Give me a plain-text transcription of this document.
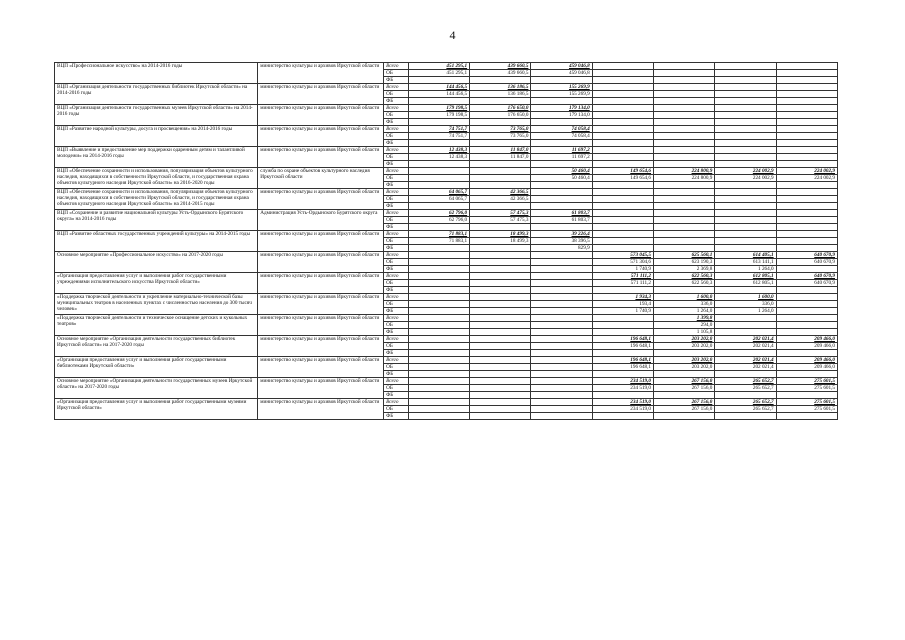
4
ВЦП «Профессиональное искусство» на 2014-2016 годы	министерство культуры и архивов Иркутской области	Всего	451 295,1	439 660,5	459 046,8				
		ОБ	451 295,1	439 660,5	459 046,8				
		ФБ							
ВЦП «Организация деятельности государственных библиотек Иркутской области» на 2014-2016 годы	министерство культуры и архивов Иркутской области	Всего	144 456,5	136 186,5	155 269,9				
		ОБ	144 456,5	136 186,5	155 269,9				
		ФБ							
ВЦП «Организация деятельности государственных музеев Иркутской области» на 2014-2016 годы	министерство культуры и архивов Иркутской области	Всего	179 198,5	176 650,0	179 134,0				
		ОБ	179 198,5	176 650,0	179 134,0				
		ФБ							
ВЦП «Развитие народной культуры, досуга и просвещения» на 2014-2016 годы	министерство культуры и архивов Иркутской области	Всего	74 751,7	73 765,0	74 058,4				
		ОБ	74 751,7	73 765,0	74 058,4				
		ФБ							
ВЦП «Выявление и предоставление мер поддержки одаренным детям и талантливой молодежи» на 2014-2016 годы	министерство культуры и архивов Иркутской области	Всего	12 438,3	11 847,0	11 697,2				
		ОБ	12 438,3	11 847,0	11 697,2				
		ФБ							
ВЦП «Обеспечение сохранности и использования, популяризация объектов культурного наследия, находящихся в собственности Иркутской области, и государственная охрана объектов культурного наследия Иркутской области» на 2016-2020 годы	служба по охране объектов культурного наследия Иркутской области	Всего			50 460,4	149 654,6	224 800,9	224 002,9	224 002,9
		ОБ			50 460,4	149 654,6	224 800,9	224 002,9	224 002,9
		ФБ							
ВЦП «Обеспечение сохранности и использования, популяризация объектов культурного наследия, находящихся в собственности Иркутской области, и государственная охрана объектов культурного наследия Иркутской области» на 2014-2015 годы	министерство культуры и архивов Иркутской области	Всего	64 065,7	42 366,5					
		ОБ	64 065,7	42 366,5					
		ФБ							
ВЦП «Сохранение и развитие национальной культуры Усть-Ордынского Бурятского округа» на 2014-2016 годы	Администрация Усть-Ордынского Бурятского округа	Всего	62 796,0	57 475,3	61 803,7				
		ОБ	62 796,0	57 475,3	61 803,7				
		ФБ							
ВЦП «Развитие областных государственных учреждений культуры» на 2014-2015 годы	министерство культуры и архивов Иркутской области	Всего	71 883,1	18 499,3	39 226,4				
		ОБ	71 883,1	18 499,3	38 396,5				
		ФБ			829,9				
Основное мероприятие «Профессиональное искусство» на 2017-2020 годы	министерство культуры и архивов Иркутской области	Всего				573 045,5	625 560,1	614 405,1	640 670,9
		ОБ				571 304,6	623 190,3	613 141,1	640 670,9
		ФБ				1 740,9	2 369,8	1 264,0	
«Организация предоставления услуг и выполнения работ государственными учреждениями исполнительского искусства Иркутской области»	министерство культуры и архивов Иркутской области	Всего				571 111,2	622 560,3	612 805,1	640 670,9
		ОБ				571 111,2	622 560,3	612 805,1	640 670,9
		ФБ							
«Поддержка творческой деятельности и укрепление материально-технической базы муниципальных театров в населенных пунктах с численностью населения до 300 тысяч человек»	министерство культуры и архивов Иркутской области	Всего				1 934,3	1 600,0	1 600,0	
		ОБ				193,4	336,0	336,0	
		ФБ				1 740,9	1 264,0	1 264,0	
«Поддержка творческой деятельности и техническое оснащение детских и кукольных театров»	министерство культуры и архивов Иркутской области	Всего					1 399,8		
		ОБ					294,0		
		ФБ					1 105,8		
Основное мероприятие «Организация деятельности государственных библиотек Иркутской области» на 2017-2020 годы	министерство культуры и архивов Иркутской области	Всего				196 648,1	203 202,0	202 021,4	209 466,0
		ОБ				196 648,1	203 202,0	202 021,4	209 466,0
		ФБ							
«Организация предоставления услуг и выполнения работ государственными библиотеками Иркутской области»	министерство культуры и архивов Иркутской области	Всего				196 648,1	203 202,0	202 021,4	209 466,0
		ОБ				196 648,1	203 202,0	202 021,4	209 466,0
		ФБ							
Основное мероприятие «Организация деятельности государственных музеев Иркутской области» на 2017-2020 годы	министерство культуры и архивов Иркутской области	Всего				234 519,0	267 156,0	265 652,7	275 601,5
		ОБ				234 519,0	267 156,0	265 652,7	275 601,5
		ФБ							
«Организация предоставления услуг и выполнения работ государственными музеями Иркутской области»	министерство культуры и архивов Иркутской области	Всего				234 519,0	267 156,0	265 652,7	275 601,5
		ОБ				234 519,0	267 156,0	265 652,7	275 601,5
		ФБ							
